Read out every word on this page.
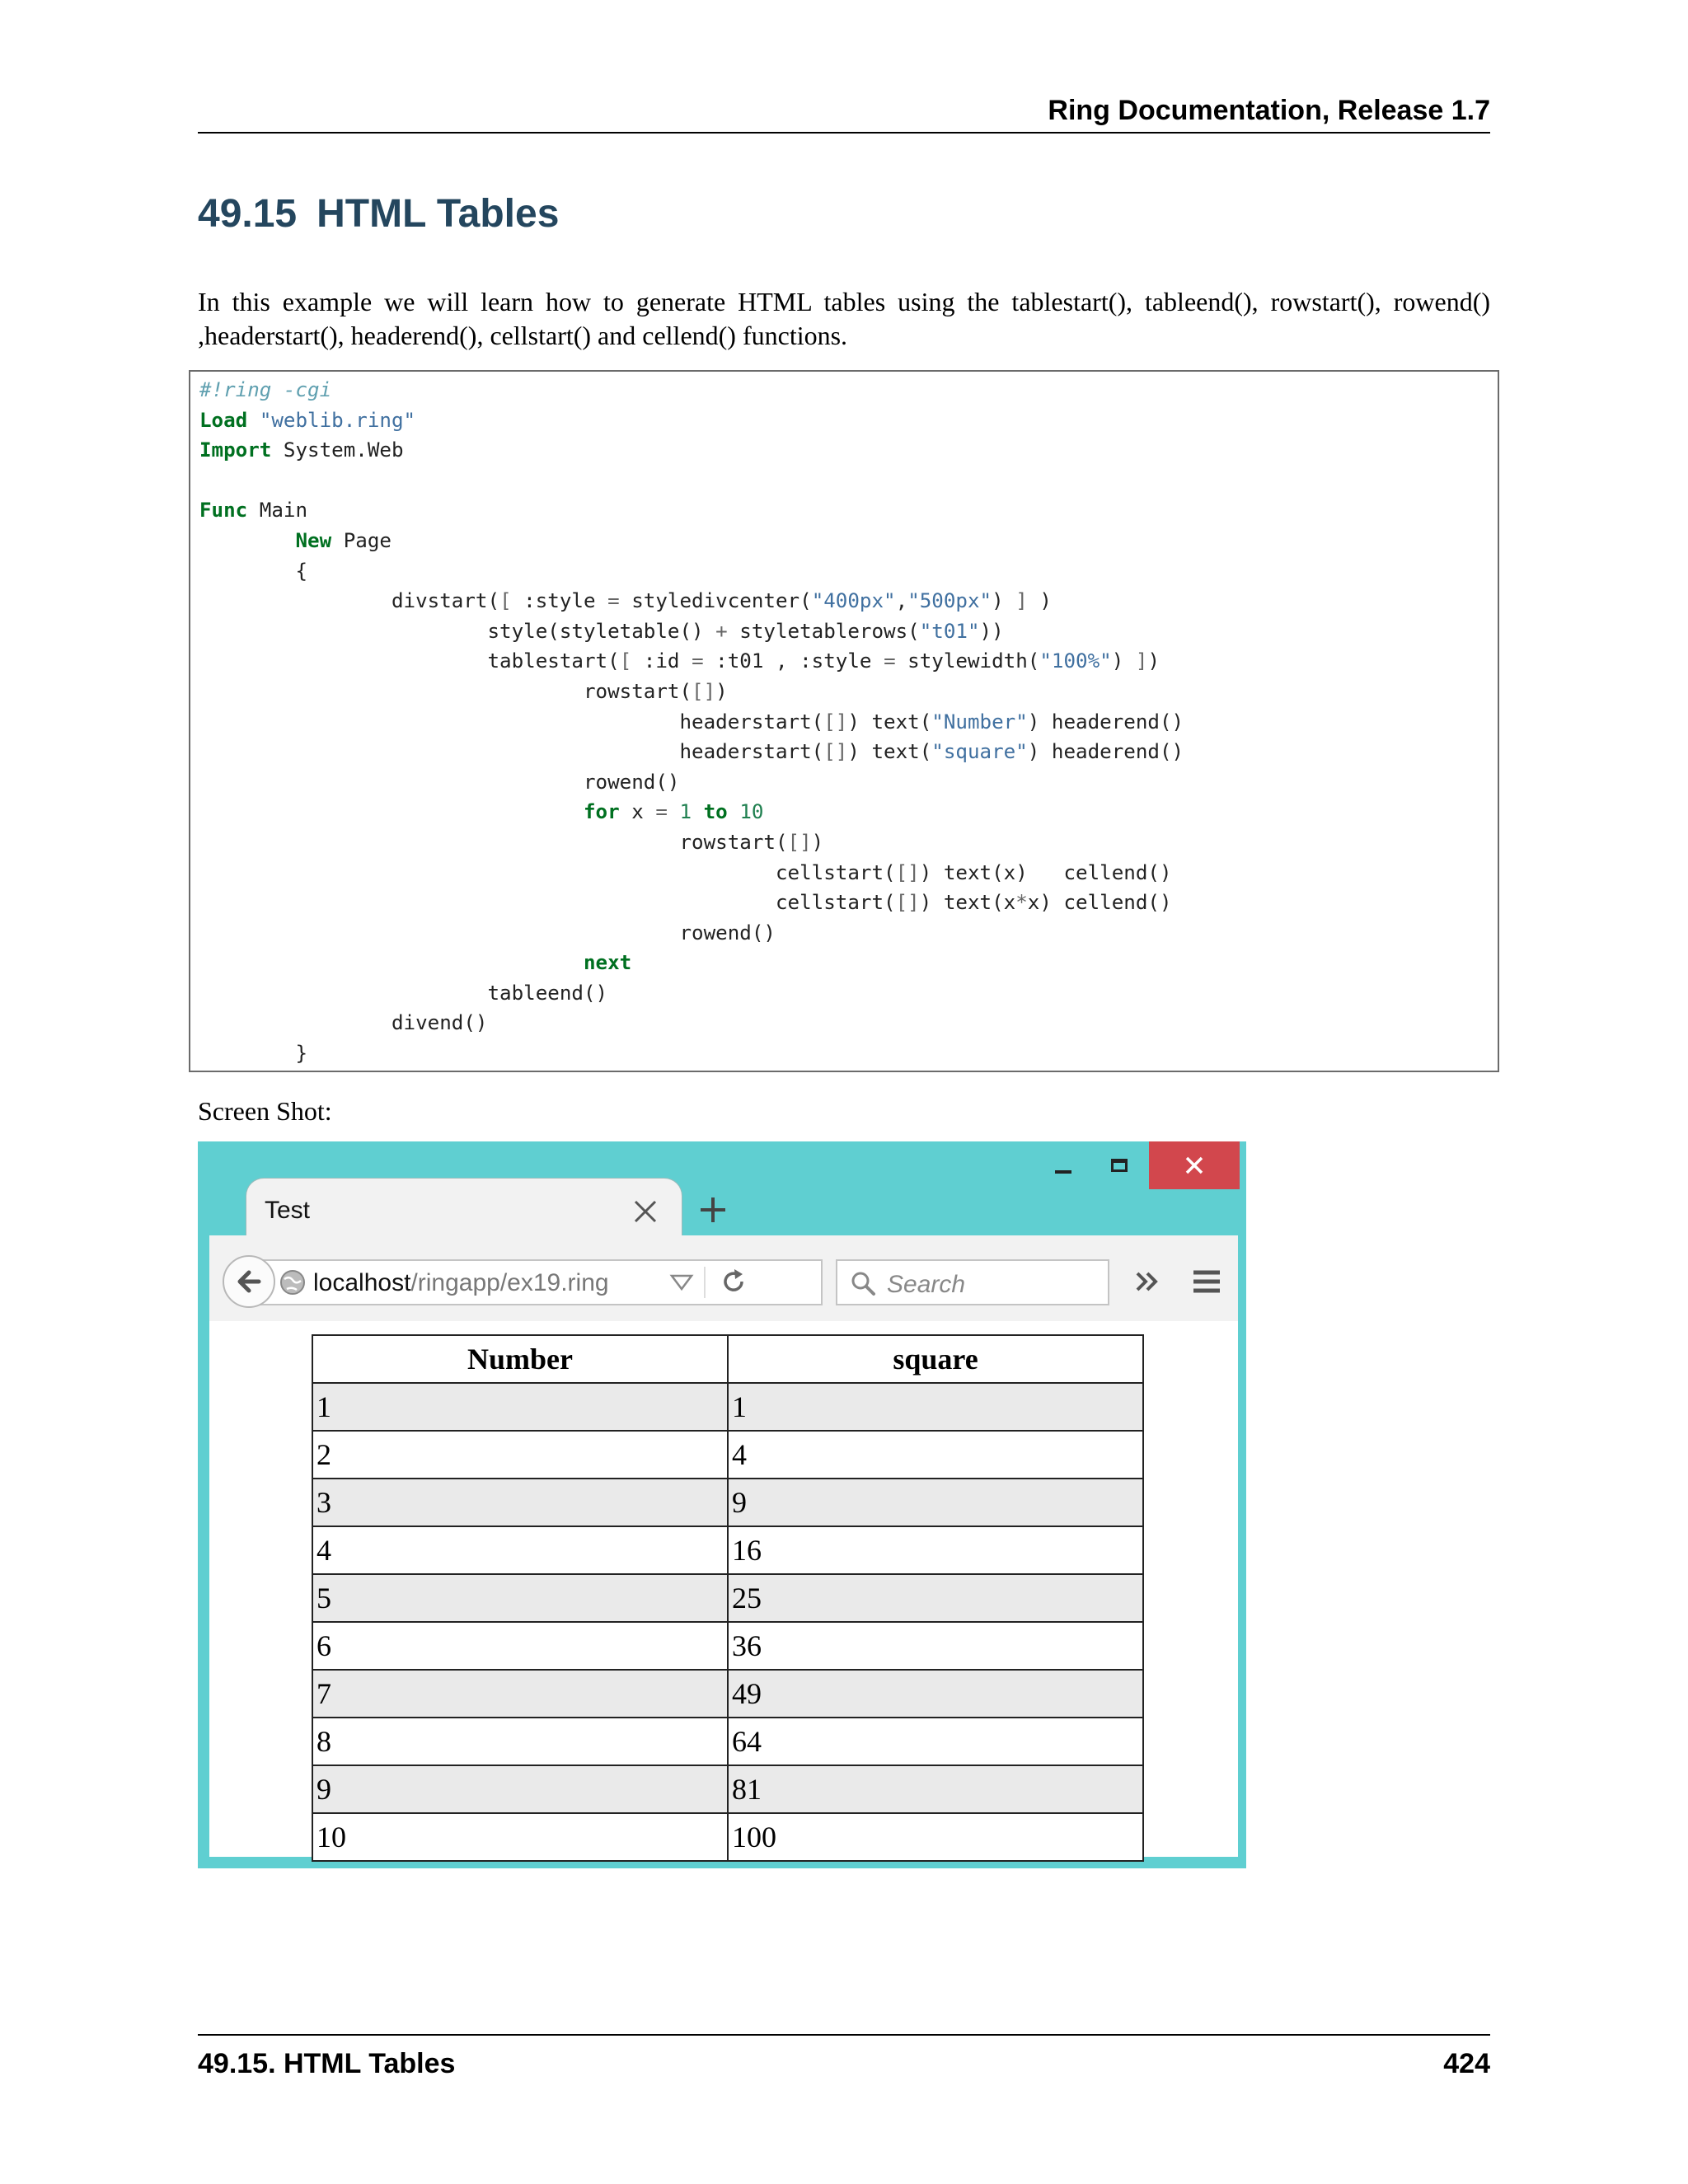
Ring Documentation, Release 1.7
49.15 HTML Tables

In this example we will learn how to generate HTML tables using the tablestart(), tableend(), rowstart(), rowend() ,headerstart(), headerend(), cellstart() and cellend() functions.

#!ring -cgi
Load "weblib.ring"
Import System.Web

Func Main
New Page
{
divstart([ :style = styledivcenter("400px","500px") ] )
style(styletable() + styletablerows("t01"))
tablestart([ :id = :t01 , :style = stylewidth("100%") ])
rowstart([])
headerstart([]) text("Number") headerend()
headerstart([]) text("square") headerend()
rowend()
for x = 1 to 10
rowstart([])
cellstart([]) text(x)   cellend()
cellstart([]) text(x*x) cellend()
rowend()
next
tableend()
divend()
}
Screen Shot:
Test
localhost/ringapp/ex19.ring	Search
Number	square
1	1
2	4
3	9
4	16
5	25
6	36
7	49
8	64
9	81
10	100
49.15. HTML Tables	424
